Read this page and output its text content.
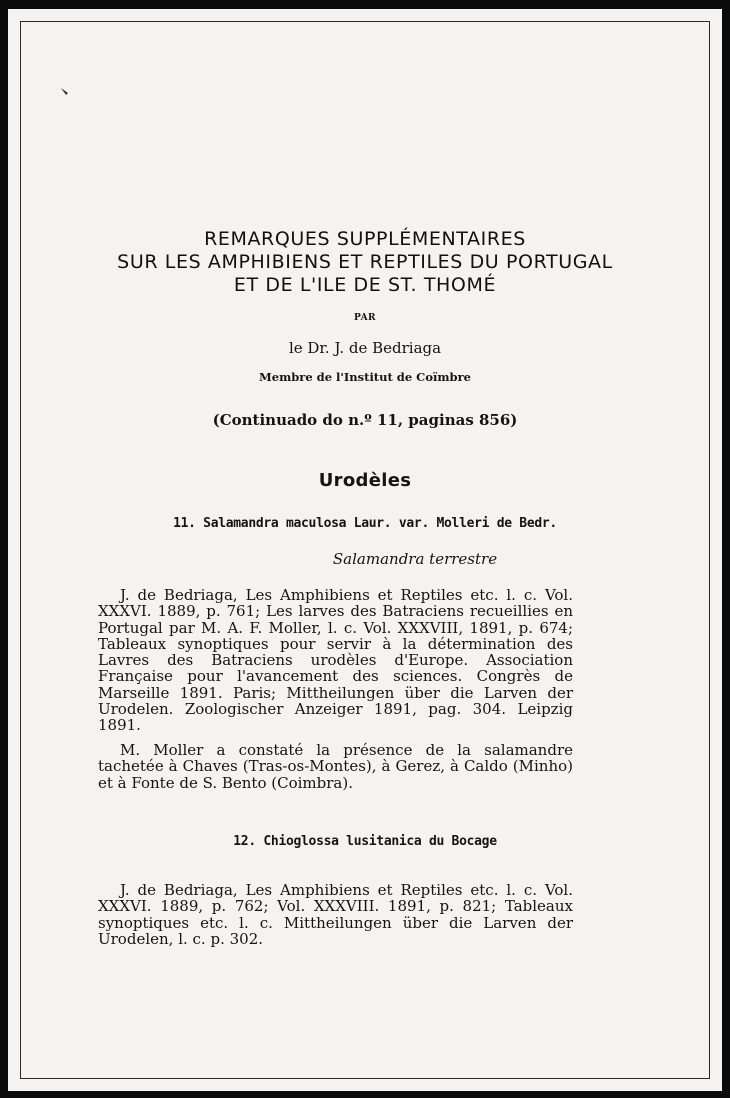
REMARQUES SUPPLÉMENTAIRES
SUR LES AMPHIBIENS ET REPTILES DU PORTUGAL
ET DE L'ILE DE ST. THOMÉ
PAR
le Dr. J. de Bedriaga
Membre de l'Institut de Coïmbre
(Continuado do n.º 11, paginas 856)
Urodèles
11. Salamandra maculosa Laur. var. Molleri de Bedr.
Salamandra terrestre
J. de Bedriaga, Les Amphibiens et Reptiles etc. l. c. Vol. XXXVI. 1889, p. 761; Les larves des Batraciens recueillies en Portugal par M. A. F. Moller, l. c. Vol. XXXVIII, 1891, p. 674; Tableaux synoptiques pour servir à la détermination des Lavres des Batraciens urodèles d'Europe. Association Française pour l'avancement des sciences. Congrès de Marseille 1891. Paris; Mittheilungen über die Larven der Urodelen. Zoologischer Anzeiger 1891, pag. 304. Leipzig 1891.
M. Moller a constaté la présence de la salamandre tachetée à Chaves (Tras-os-Montes), à Gerez, à Caldo (Minho) et à Fonte de S. Bento (Coimbra).
12. Chioglossa lusitanica du Bocage
J. de Bedriaga, Les Amphibiens et Reptiles etc. l. c. Vol. XXXVI. 1889, p. 762; Vol. XXXVIII. 1891, p. 821; Tableaux synoptiques etc. l. c. Mittheilungen über die Larven der Urodelen, l. c. p. 302.
